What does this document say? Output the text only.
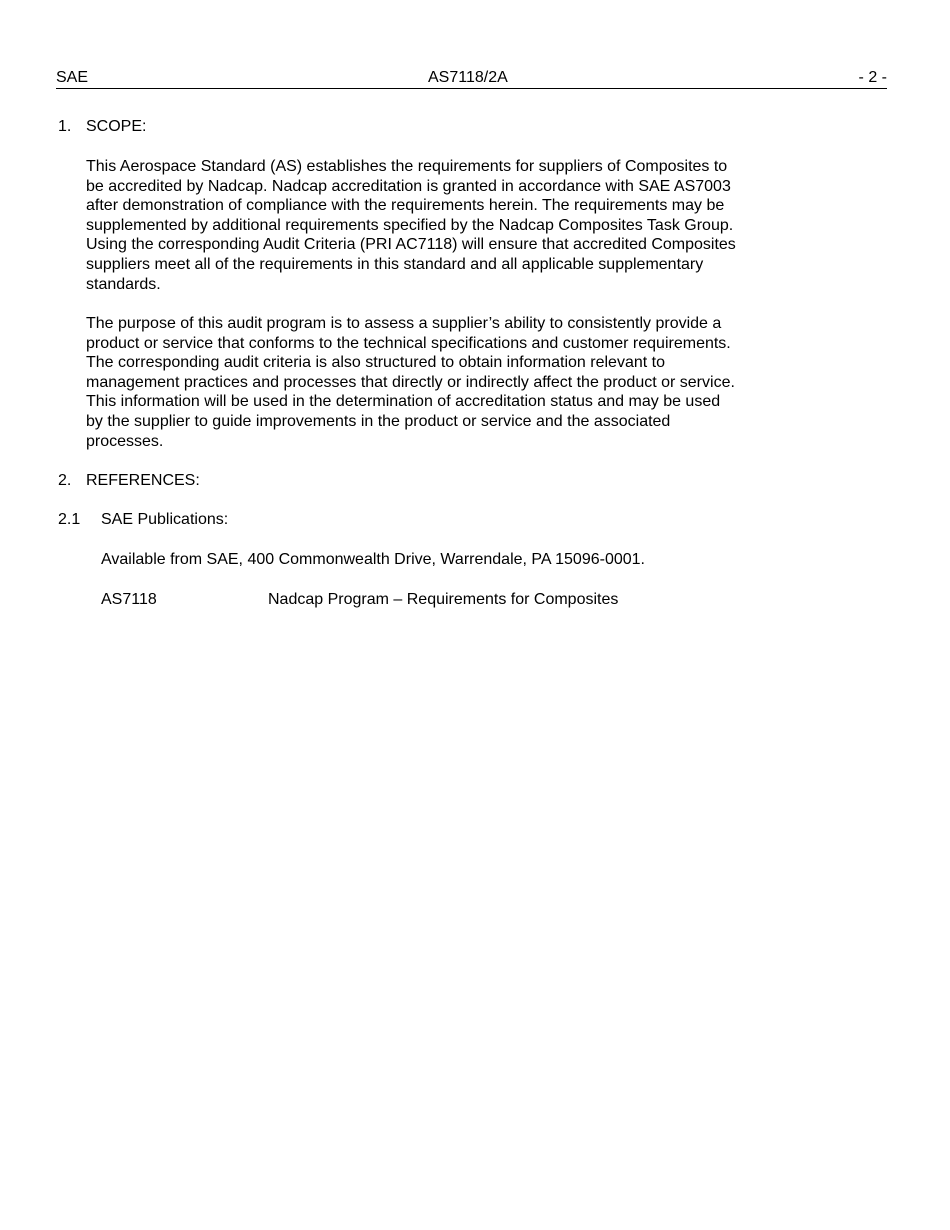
SAE	AS7118/2A	- 2 -
1. SCOPE:
This Aerospace Standard (AS) establishes the requirements for suppliers of Composites to
be accredited by Nadcap. Nadcap accreditation is granted in accordance with SAE AS7003
after demonstration of compliance with the requirements herein. The requirements may be
supplemented by additional requirements specified by the Nadcap Composites Task Group.
Using the corresponding Audit Criteria (PRI AC7118) will ensure that accredited Composites
suppliers meet all of the requirements in this standard and all applicable supplementary
standards.
The purpose of this audit program is to assess a supplier’s ability to consistently provide a
product or service that conforms to the technical specifications and customer requirements.
The corresponding audit criteria is also structured to obtain information relevant to
management practices and processes that directly or indirectly affect the product or service.
This information will be used in the determination of accreditation status and may be used
by the supplier to guide improvements in the product or service and the associated
processes.
2. REFERENCES:
2.1 SAE Publications:
Available from SAE, 400 Commonwealth Drive, Warrendale, PA 15096-0001.
AS7118	Nadcap Program – Requirements for Composites
